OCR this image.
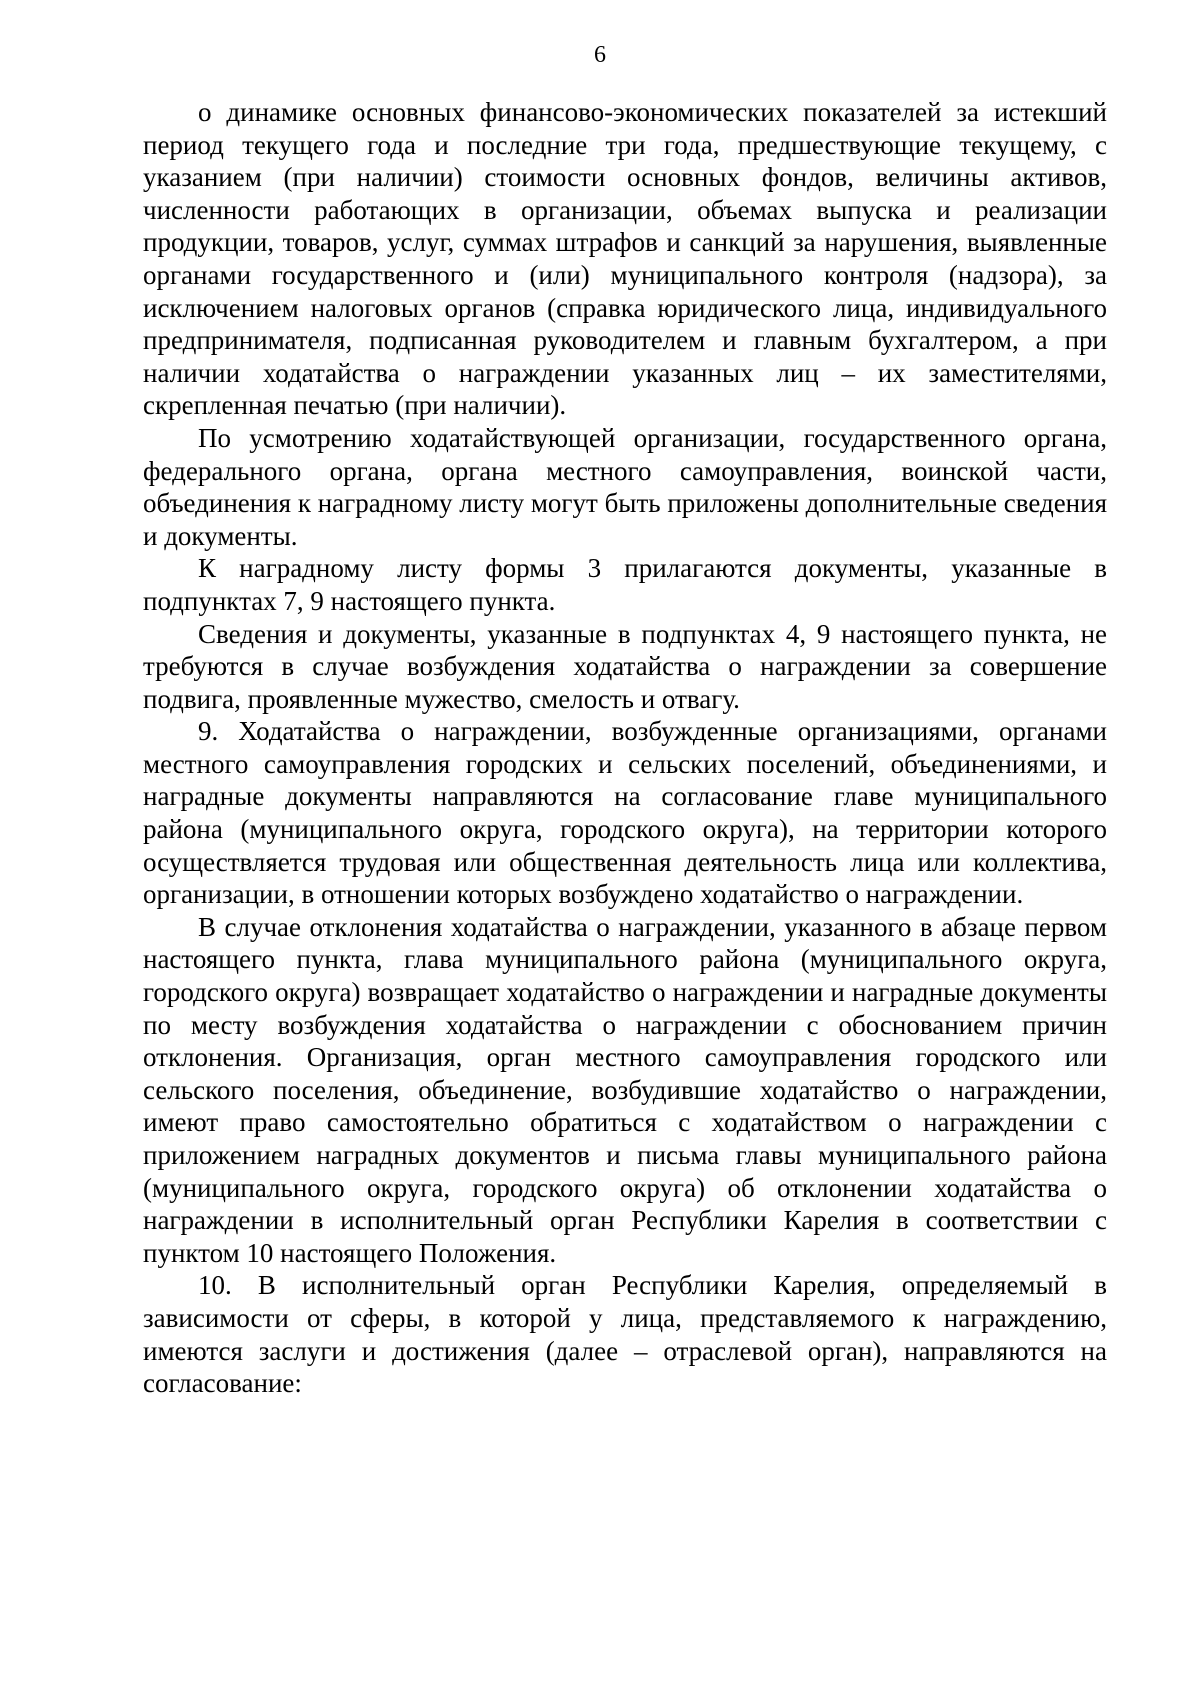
6

о динамике основных финансово-экономических показателей за истекший период текущего года и последние три года, предшествующие текущему, с указанием (при наличии) стоимости основных фондов, величины активов, численности работающих в организации, объемах выпуска и реализации продукции, товаров, услуг, суммах штрафов и санкций за нарушения, выявленные органами государственного и (или) муниципального контроля (надзора), за исключением налоговых органов (справка юридического лица, индивидуального предпринимателя, подписанная руководителем и главным бухгалтером, а при наличии ходатайства о награждении указанных лиц – их заместителями, скрепленная печатью (при наличии).

По усмотрению ходатайствующей организации, государственного органа, федерального органа, органа местного самоуправления, воинской части, объединения к наградному листу могут быть приложены дополнительные сведения и документы.

К наградному листу формы 3 прилагаются документы, указанные в подпунктах 7, 9 настоящего пункта.

Сведения и документы, указанные в подпунктах 4, 9 настоящего пункта, не требуются в случае возбуждения ходатайства о награждении за совершение подвига, проявленные мужество, смелость и отвагу.

9. Ходатайства о награждении, возбужденные организациями, органами местного самоуправления городских и сельских поселений, объединениями, и наградные документы направляются на согласование главе муниципального района (муниципального округа, городского округа), на территории которого осуществляется трудовая или общественная деятельность лица или коллектива, организации, в отношении которых возбуждено ходатайство о награждении.

В случае отклонения ходатайства о награждении, указанного в абзаце первом настоящего пункта, глава муниципального района (муниципального округа, городского округа) возвращает ходатайство о награждении и наградные документы по месту возбуждения ходатайства о награждении с обоснованием причин отклонения. Организация, орган местного самоуправления городского или сельского поселения, объединение, возбудившие ходатайство о награждении, имеют право самостоятельно обратиться с ходатайством о награждении с приложением наградных документов и письма главы муниципального района (муниципального округа, городского округа) об отклонении ходатайства о награждении в исполнительный орган Республики Карелия в соответствии с пунктом 10 настоящего Положения.

10. В исполнительный орган Республики Карелия, определяемый в зависимости от сферы, в которой у лица, представляемого к награждению, имеются заслуги и достижения (далее – отраслевой орган), направляются на согласование:
